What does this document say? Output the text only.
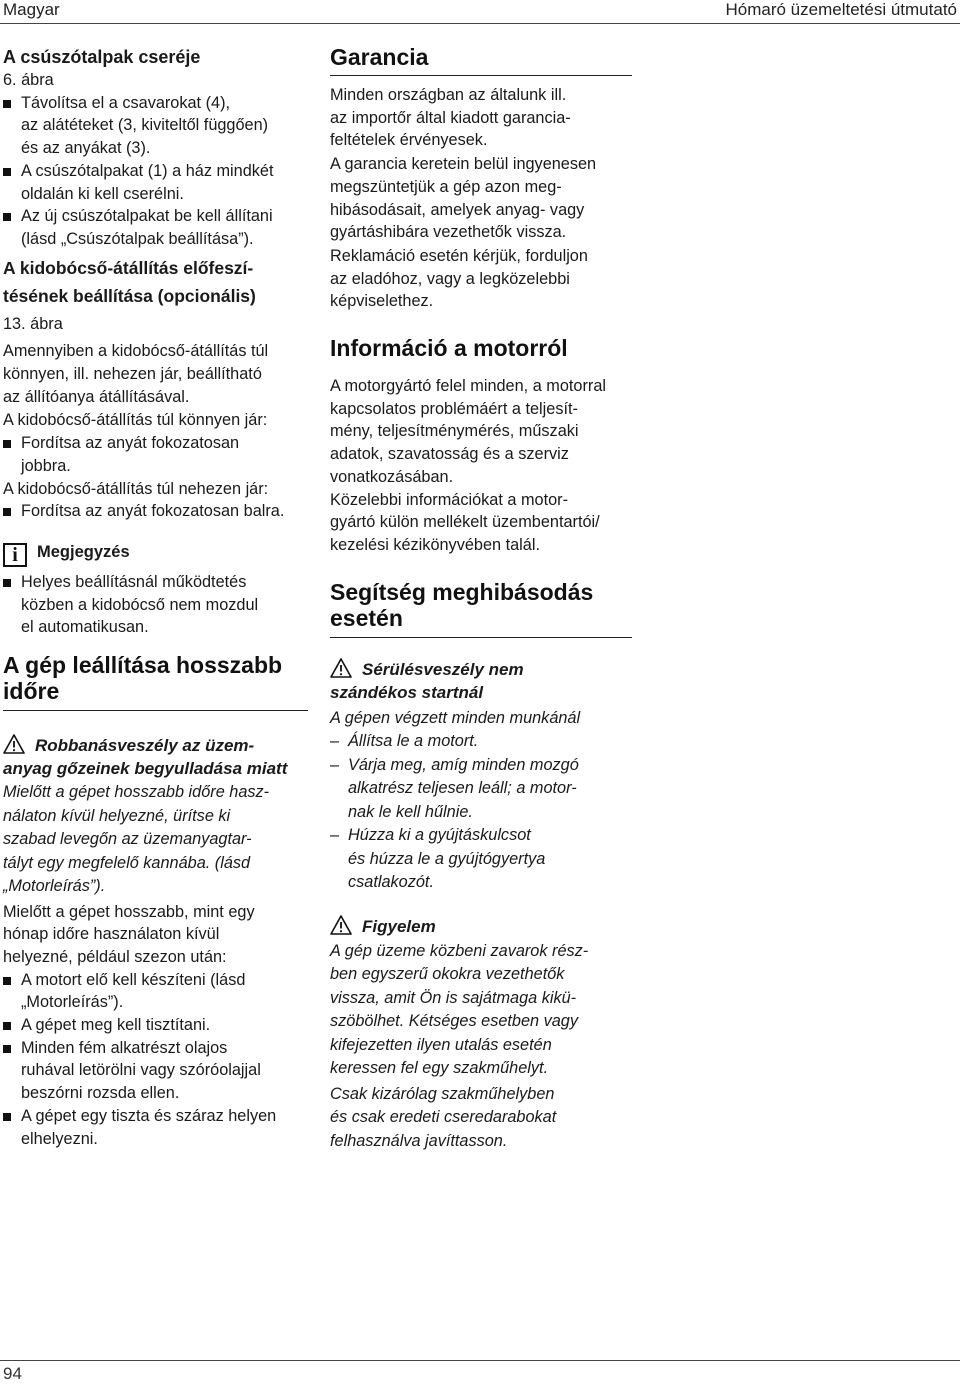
Magyar	Hómaró üzemeltetési útmutató

A csúszótalpak cseréje

6. ábra

Távolítsa el a csavarokat (4),
az alátéteket (3, kiviteltől függően)
és az anyákat (3).
A csúszótalpakat (1) a ház mindkét
oldalán ki kell cserélni.
Az új csúszótalpakat be kell állítani
(lásd „Csúszótalpak beállítása”).

A kidobócső-átállítás előfeszí-
tésének beállítása (opcionális)

13. ábra

Amennyiben a kidobócső-átállítás túl
könnyen, ill. nehezen jár, beállítható
az állítóanya átállításával.

A kidobócső-átállítás túl könnyen jár:

Fordítsa az anyát fokozatosan
jobbra.

A kidobócső-átállítás túl nehezen jár:

Fordítsa az anyát fokozatosan balra.

i Megjegyzés

Helyes beállításnál működtetés
közben a kidobócső nem mozdul
el automatikusan.

A gép leállítása hosszabb
időre

Robbanásveszély az üzem-
anyag gőzeinek begyulladása miatt

Mielőtt a gépet hosszabb időre hasz-
nálaton kívül helyezné, ürítse ki
szabad levegőn az üzemanyagtar-
tályt egy megfelelő kannába. (lásd
„Motorleírás”).

Mielőtt a gépet hosszabb, mint egy
hónap időre használaton kívül
helyezné, például szezon után:

A motort elő kell készíteni (lásd
„Motorleírás”).
A gépet meg kell tisztítani.
Minden fém alkatrészt olajos
ruhával letörölni vagy szóróolajjal
beszórni rozsda ellen.
A gépet egy tiszta és száraz helyen
elhelyezni.

Garancia

Minden országban az általunk ill.
az importőr által kiadott garancia-
feltételek érvényesek.

A garancia keretein belül ingyenesen
megszüntetjük a gép azon meg-
hibásodásait, amelyek anyag- vagy
gyártáshibára vezethetők vissza.

Reklamáció esetén kérjük, forduljon
az eladóhoz, vagy a legközelebbi
képviselethez.

Információ a motorról

A motorgyártó felel minden, a motorral
kapcsolatos problémáért a teljesít-
mény, teljesítménymérés, műszaki
adatok, szavatosság és a szerviz
vonatkozásában.

Közelebbi információkat a motor-
gyártó külön mellékelt üzembentartói/
kezelési kézikönyvében talál.

Segítség meghibásodás
esetén

Sérülésveszély nem
szándékos startnál

A gépen végzett minden munkánál

– Állítsa le a motort.
– Várja meg, amíg minden mozgó
alkatrész teljesen leáll; a motor-
nak le kell hűlnie.
– Húzza ki a gyújtáskulcsot
és húzza le a gyújtógyertya
csatlakozót.

Figyelem

A gép üzeme közbeni zavarok rész-
ben egyszerű okokra vezethetők
vissza, amit Ön is sajátmaga kikü-
szöbölhet. Kétséges esetben vagy
kifejezetten ilyen utalás esetén
keressen fel egy szakműhelyt.

Csak kizárólag szakműhelyben
és csak eredeti cseredarabokat
felhasználva javíttasson.

94
